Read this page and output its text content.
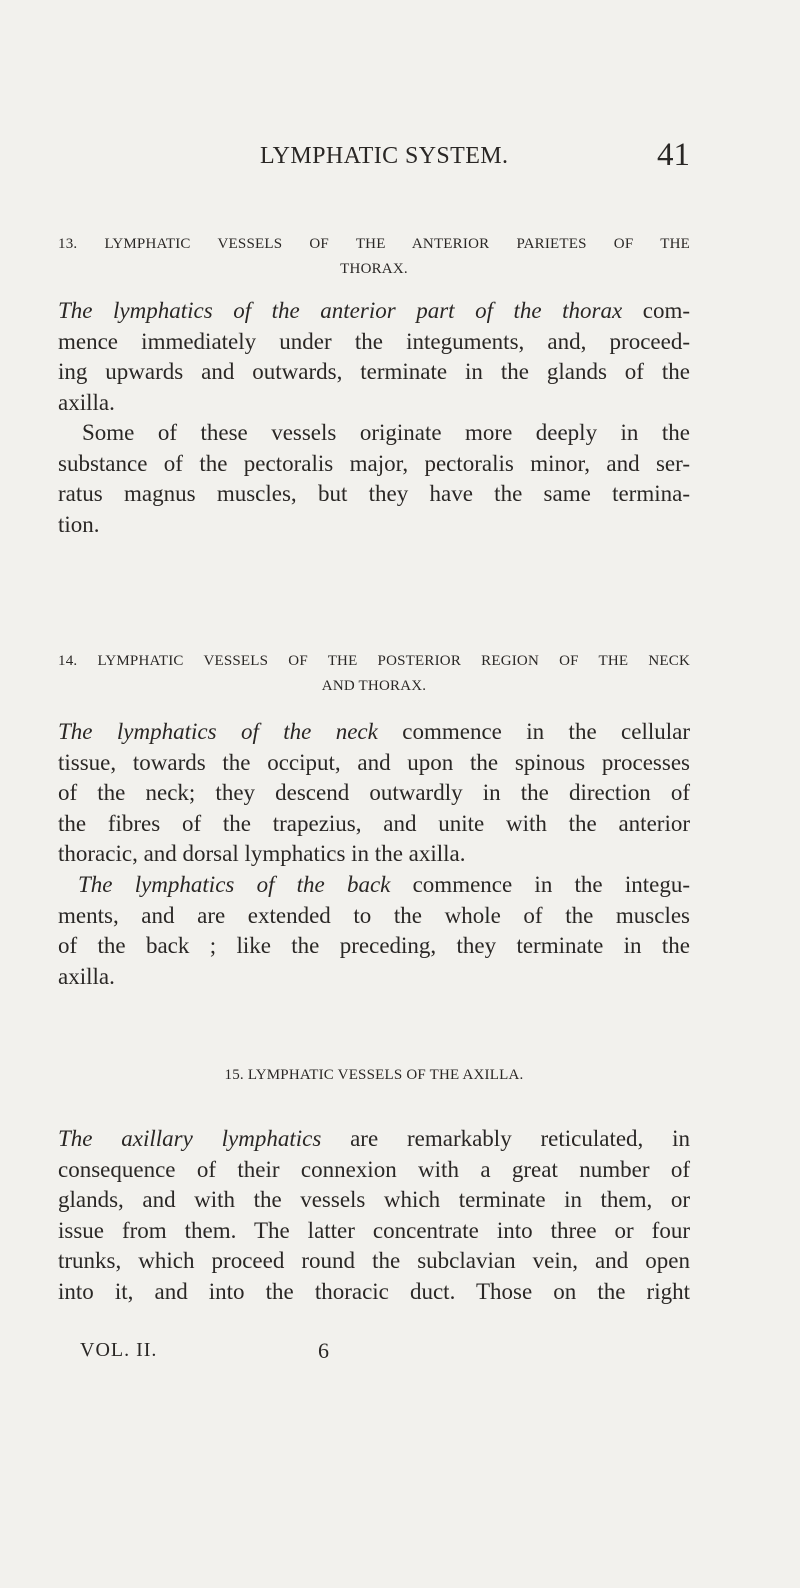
LYMPHATIC SYSTEM.	41
13. LYMPHATIC VESSELS OF THE ANTERIOR PARIETES OF THE
THORAX.
The lymphatics of the anterior part of the thorax com-
mence immediately under the integuments, and, proceed-
ing upwards and outwards, terminate in the glands of the
axilla.
Some of these vessels originate more deeply in the
substance of the pectoralis major, pectoralis minor, and ser-
ratus magnus muscles, but they have the same termina-
tion.
14. LYMPHATIC VESSELS OF THE POSTERIOR REGION OF THE NECK
AND THORAX.
The lymphatics of the neck commence in the cellular
tissue, towards the occiput, and upon the spinous processes
of the neck; they descend outwardly in the direction of
the fibres of the trapezius, and unite with the anterior
thoracic, and dorsal lymphatics in the axilla.
The lymphatics of the back commence in the integu-
ments, and are extended to the whole of the muscles
of the back ; like the preceding, they terminate in the
axilla.
15. LYMPHATIC VESSELS OF THE AXILLA.
The axillary lymphatics are remarkably reticulated, in
consequence of their connexion with a great number of
glands, and with the vessels which terminate in them, or
issue from them. The latter concentrate into three or four
trunks, which proceed round the subclavian vein, and open
into it, and into the thoracic duct. Those on the right
VOL. II.	6
